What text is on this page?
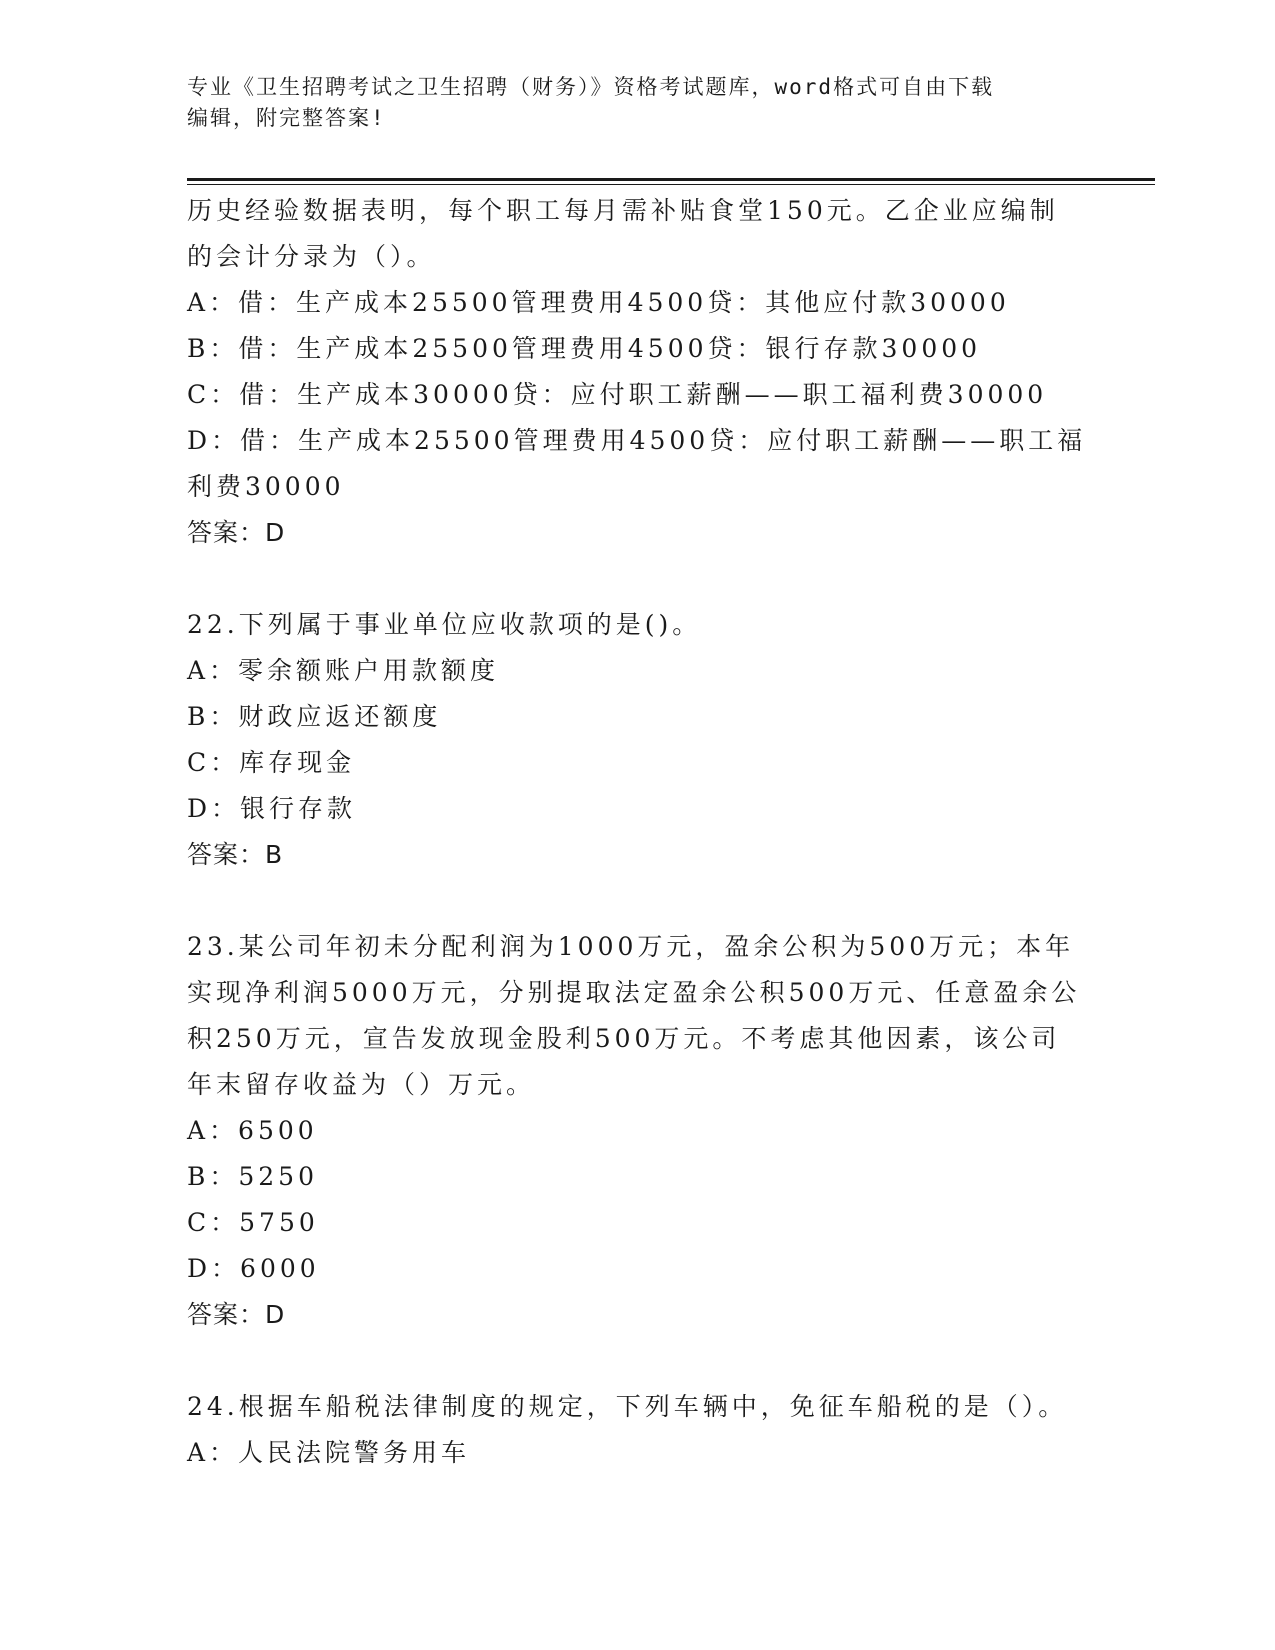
专业《卫生招聘考试之卫生招聘（财务）》资格考试题库，word格式可自由下载
编辑，附完整答案!
历史经验数据表明，每个职工每月需补贴食堂150元。乙企业应编制
的会计分录为（）。
A：借：生产成本25500管理费用4500贷：其他应付款30000
B：借：生产成本25500管理费用4500贷：银行存款30000
C：借：生产成本30000贷：应付职工薪酬——职工福利费30000
D：借：生产成本25500管理费用4500贷：应付职工薪酬——职工福
利费30000
答案：D
22.下列属于事业单位应收款项的是()。
A：零余额账户用款额度
B：财政应返还额度
C：库存现金
D：银行存款
答案：B
23.某公司年初未分配利润为1000万元，盈余公积为500万元；本年
实现净利润5000万元，分别提取法定盈余公积500万元、任意盈余公
积250万元，宣告发放现金股利500万元。不考虑其他因素，该公司
年末留存收益为（）万元。
A：6500
B：5250
C：5750
D：6000
答案：D
24.根据车船税法律制度的规定，下列车辆中，免征车船税的是（）。
A：人民法院警务用车
